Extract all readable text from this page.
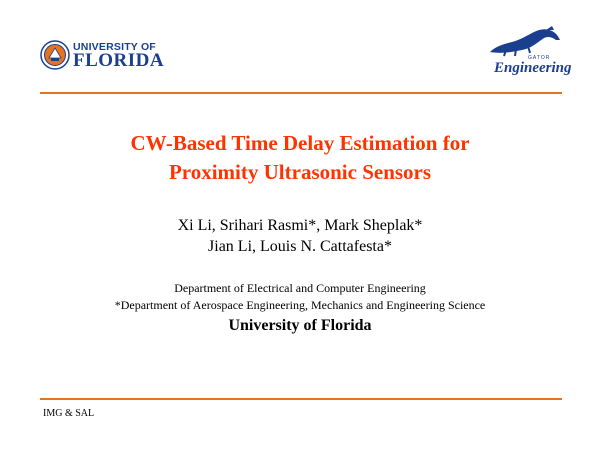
UNIVERSITY OF
FLORIDA	GATOR
Engineering
CW-Based Time Delay Estimation for
Proximity Ultrasonic Sensors
Xi Li, Srihari Rasmi*, Mark Sheplak*
Jian Li, Louis N. Cattafesta*
Department of Electrical and Computer Engineering
*Department of Aerospace Engineering, Mechanics and Engineering Science
University of Florida
IMG & SAL
